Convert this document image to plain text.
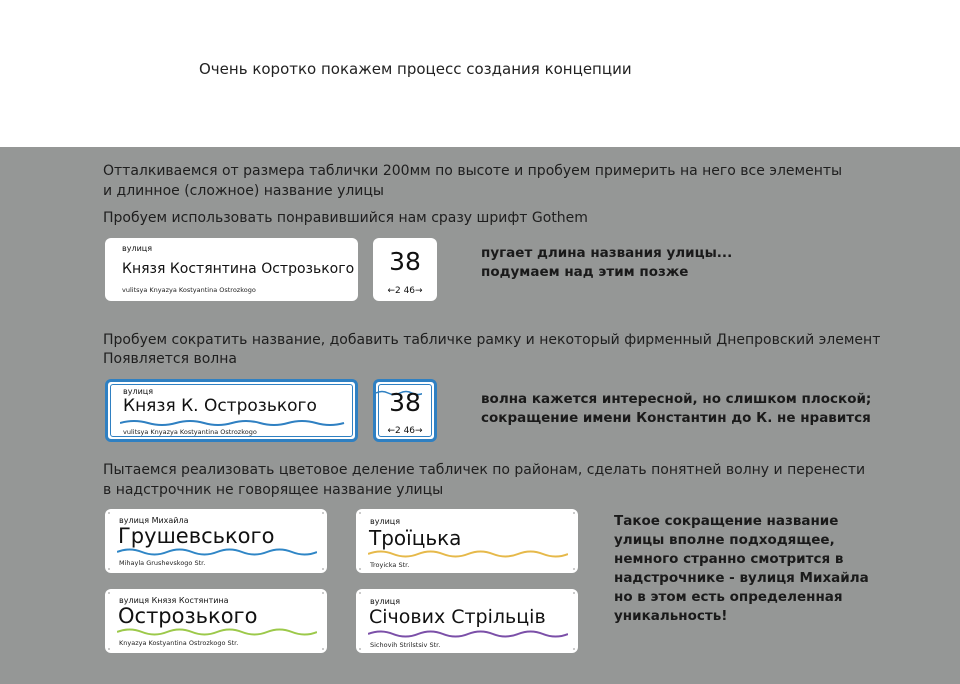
Очень коротко покажем процесс создания концепции
Отталкиваемся от размера таблички 200мм по высоте и пробуем примерить на него все элементы
и длинное (сложное) название улицы
Пробуем использовать понравившийся нам сразу шрифт Gothem
вулиця
Князя Костянтина Острозького
vulitsya Knyazya Kostyantina Ostrozkogo
38
←2 46→
пугает длина названия улицы...
подумаем над этим позже
Пробуем сократить название, добавить табличке рамку и некоторый фирменный Днепровский элемент
Появляется волна
вулиця
Князя К. Острозького
vulitsya Knyazya Kostyantina Ostrozkogo
38
←2 46→
волна кажется интересной, но слишком плоской;
сокращение имени Константин до К. не нравится
Пытаемся реализовать цветовое деление табличек по районам, сделать понятней волну и перенести
в надстрочник не говорящее название улицы
вулиця Михайла
Грушевського
Mihayla Grushevskogo Str.
вулиця
Троїцька
Troyicka Str.
вулиця Князя Костянтина
Острозького
Knyazya Kostyantina Ostrozkogo Str.
вулиця
Січових Стрільців
Sichovih Strilstsiv Str.
Такое сокращение название
улицы вполне подходящее,
немного странно смотрится в
надстрочнике - вулиця Михайла
но в этом есть определенная
уникальность!
